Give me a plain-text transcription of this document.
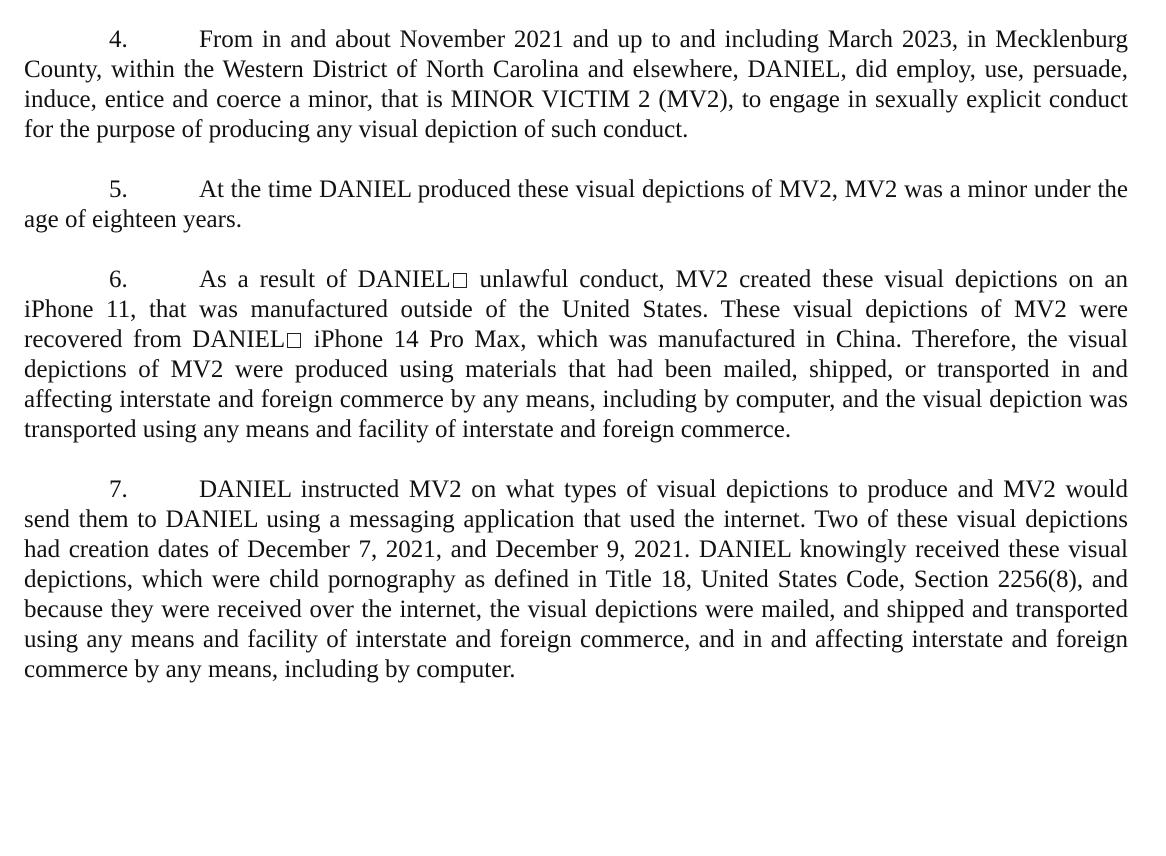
4.	From in and about November 2021 and up to and including March 2023, in Mecklenburg County, within the Western District of North Carolina and elsewhere, DANIEL, did employ, use, persuade, induce, entice and coerce a minor, that is MINOR VICTIM 2 (MV2), to engage in sexually explicit conduct for the purpose of producing any visual depiction of such conduct.

5.	At the time DANIEL produced these visual depictions of MV2, MV2 was a minor under the age of eighteen years.

6.	As a result of DANIEL unlawful conduct, MV2 created these visual depictions on an iPhone 11, that was manufactured outside of the United States. These visual depictions of MV2 were recovered from DANIEL iPhone 14 Pro Max, which was manufactured in China. Therefore, the visual depictions of MV2 were produced using materials that had been mailed, shipped, or transported in and affecting interstate and foreign commerce by any means, including by computer, and the visual depiction was transported using any means and facility of interstate and foreign commerce.

7.	DANIEL instructed MV2 on what types of visual depictions to produce and MV2 would send them to DANIEL using a messaging application that used the internet. Two of these visual depictions had creation dates of December 7, 2021, and December 9, 2021. DANIEL knowingly received these visual depictions, which were child pornography as defined in Title 18, United States Code, Section 2256(8), and because they were received over the internet, the visual depictions were mailed, and shipped and transported using any means and facility of interstate and foreign commerce, and in and affecting interstate and foreign commerce by any means, including by computer.
